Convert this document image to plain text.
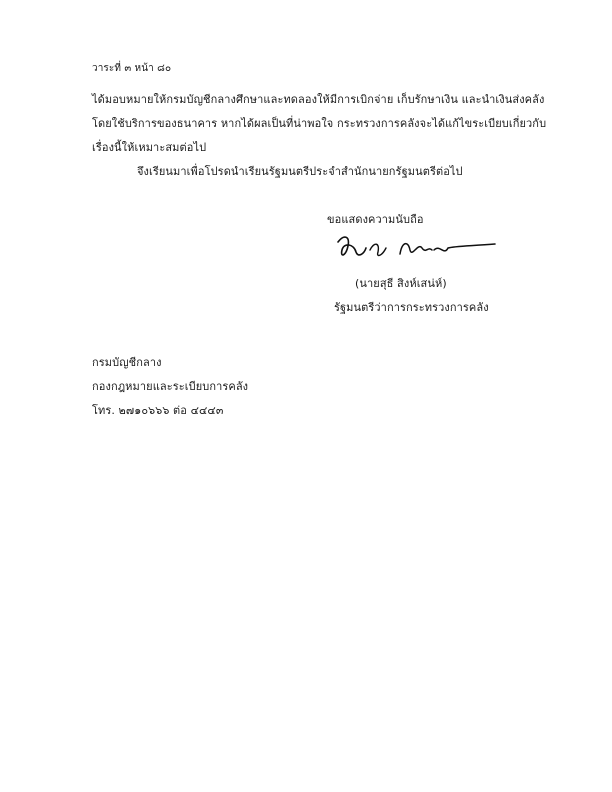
วาระที่ ๓ หน้า ๘๐
ได้มอบหมายให้กรมบัญชีกลางศึกษาและทดลองให้มีการเบิกจ่าย เก็บรักษาเงิน และนำเงินส่งคลัง
โดยใช้บริการของธนาคาร หากได้ผลเป็นที่น่าพอใจ กระทรวงการคลังจะได้แก้ไขระเบียบเกี่ยวกับ
เรื่องนี้ให้เหมาะสมต่อไป
จึงเรียนมาเพื่อโปรดนำเรียนรัฐมนตรีประจำสำนักนายกรัฐมนตรีต่อไป
ขอแสดงความนับถือ
(นายสุธี สิงห์เสน่ห์)
รัฐมนตรีว่าการกระทรวงการคลัง
กรมบัญชีกลาง
กองกฎหมายและระเบียบการคลัง
โทร. ๒๗๑๐๖๖๖ ต่อ ๔๔๔๓
